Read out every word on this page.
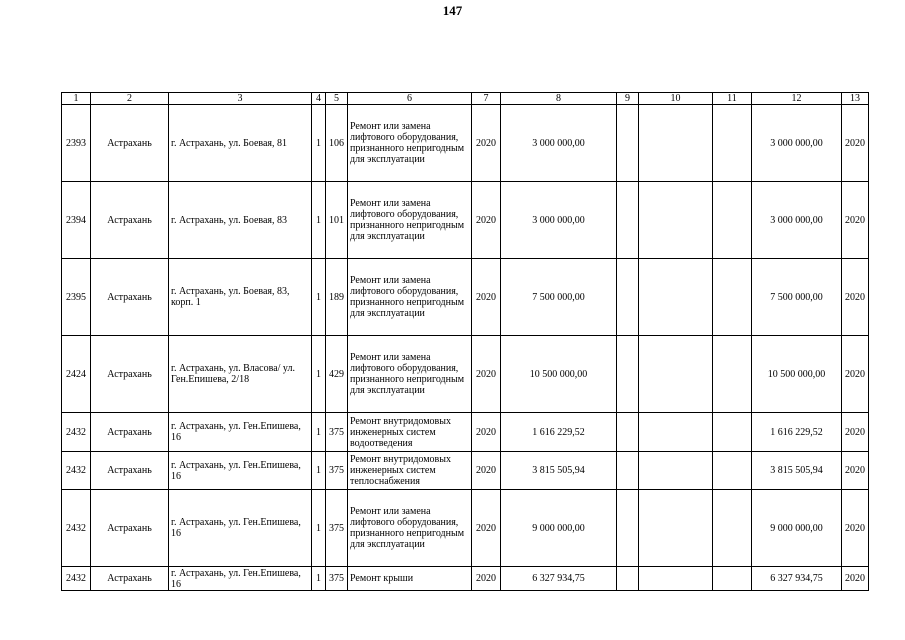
147
1	2	3	4	5	6	7	8	9	10	11	12	13
2393	Астрахань	г. Астрахань, ул. Боевая, 81	1	106	Ремонт или замена лифтового оборудования, признанного непригодным для эксплуатации	2020	3 000 000,00				3 000 000,00	2020
2394	Астрахань	г. Астрахань, ул. Боевая, 83	1	101	Ремонт или замена лифтового оборудования, признанного непригодным для эксплуатации	2020	3 000 000,00				3 000 000,00	2020
2395	Астрахань	г. Астрахань, ул. Боевая, 83, корп. 1	1	189	Ремонт или замена лифтового оборудования, признанного непригодным для эксплуатации	2020	7 500 000,00				7 500 000,00	2020
2424	Астрахань	г. Астрахань, ул. Власова/ ул. Ген.Епишева, 2/18	1	429	Ремонт или замена лифтового оборудования, признанного непригодным для эксплуатации	2020	10 500 000,00				10 500 000,00	2020
2432	Астрахань	г. Астрахань, ул. Ген.Епишева, 16	1	375	Ремонт внутридомовых инженерных систем водоотведения	2020	1 616 229,52				1 616 229,52	2020
2432	Астрахань	г. Астрахань, ул. Ген.Епишева, 16	1	375	Ремонт внутридомовых инженерных систем теплоснабжения	2020	3 815 505,94				3 815 505,94	2020
2432	Астрахань	г. Астрахань, ул. Ген.Епишева, 16	1	375	Ремонт или замена лифтового оборудования, признанного непригодным для эксплуатации	2020	9 000 000,00				9 000 000,00	2020
2432	Астрахань	г. Астрахань, ул. Ген.Епишева, 16	1	375	Ремонт крыши	2020	6 327 934,75				6 327 934,75	2020
